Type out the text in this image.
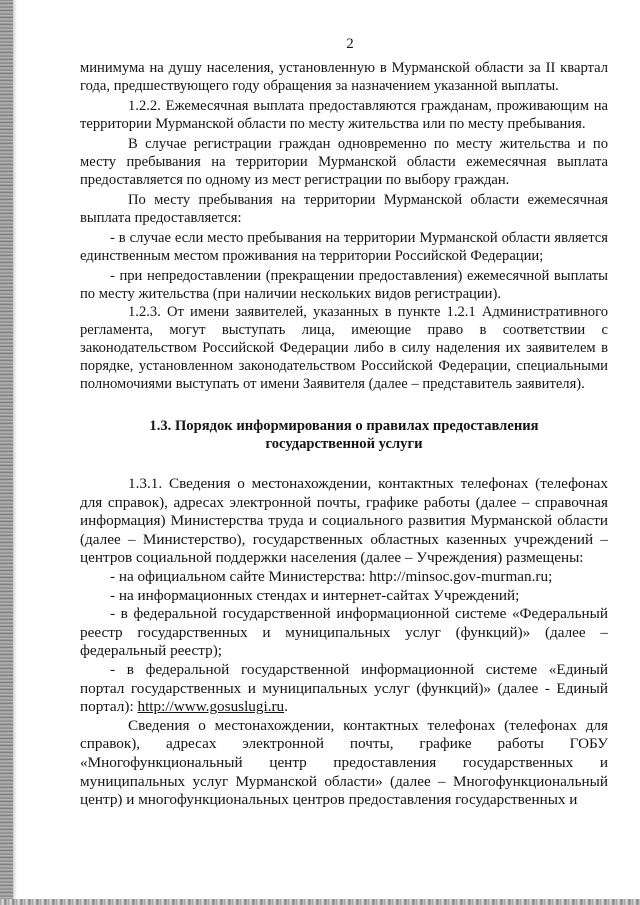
2

минимума на душу населения, установленную в Мурманской области за II квартал года, предшествующего году обращения за назначением указанной выплаты.

1.2.2. Ежемесячная выплата предоставляются гражданам, проживающим на территории Мурманской области по месту жительства или по месту пребывания.

В случае регистрации граждан одновременно по месту жительства и по месту пребывания на территории Мурманской области ежемесячная выплата предоставляется по одному из мест регистрации по выбору граждан.

По месту пребывания на территории Мурманской области ежемесячная выплата предоставляется:

- в случае если место пребывания на территории Мурманской области является единственным местом проживания на территории Российской Федерации;

- при непредоставлении (прекращении предоставления) ежемесячной выплаты по месту жительства (при наличии нескольких видов регистрации).

1.2.3. От имени заявителей, указанных в пункте 1.2.1 Административного регламента, могут выступать лица, имеющие право в соответствии с законодательством Российской Федерации либо в силу наделения их заявителем в порядке, установленном законодательством Российской Федерации, специальными полномочиями выступать от имени Заявителя (далее – представитель заявителя).

1.3. Порядок информирования о правилах предоставления государственной услуги

1.3.1. Сведения о местонахождении, контактных телефонах (телефонах для справок), адресах электронной почты, графике работы (далее – справочная информация) Министерства труда и социального развития Мурманской области (далее – Министерство), государственных областных казенных учреждений – центров социальной поддержки населения (далее – Учреждения) размещены:

- на официальном сайте Министерства: http://minsoc.gov-murman.ru;

- на информационных стендах и интернет-сайтах Учреждений;

- в федеральной государственной информационной системе «Федеральный реестр государственных и муниципальных услуг (функций)» (далее – федеральный реестр);

- в федеральной государственной информационной системе «Единый портал государственных и муниципальных услуг (функций)» (далее - Единый портал): http://www.gosuslugi.ru.

Сведения о местонахождении, контактных телефонах (телефонах для справок), адресах электронной почты, графике работы ГОБУ «Многофункциональный центр предоставления государственных и муниципальных услуг Мурманской области» (далее – Многофункциональный центр) и многофункциональных центров предоставления государственных и
